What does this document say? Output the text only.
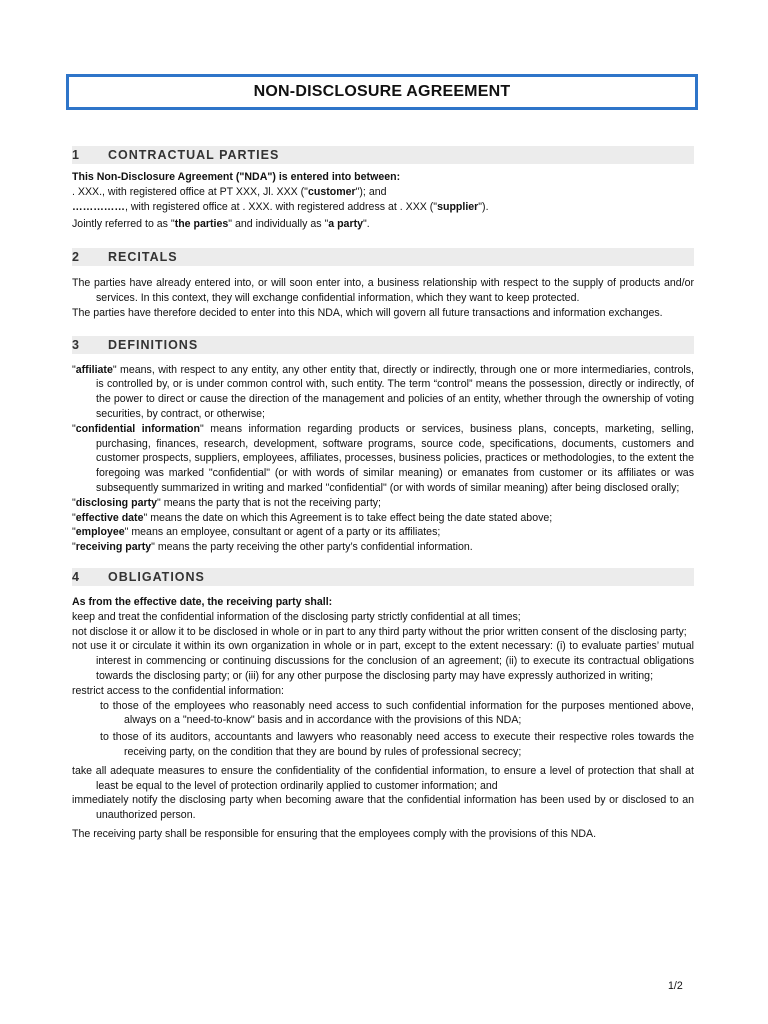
NON-DISCLOSURE AGREEMENT
1	CONTRACTUAL PARTIES

This Non-Disclosure Agreement ("NDA") is entered into between:

. XXX., with registered office at PT XXX, Jl. XXX ("customer"); and

……………, with registered office at . XXX. with registered address at . XXX ("supplier").

Jointly referred to as "the parties" and individually as "a party".

2	RECITALS

The parties have already entered into, or will soon enter into, a business relationship with respect to the supply of products and/or services. In this context, they will exchange confidential information, which they want to keep protected.

The parties have therefore decided to enter into this NDA, which will govern all future transactions and information exchanges.

3	DEFINITIONS

"affiliate" means, with respect to any entity, any other entity that, directly or indirectly, through one or more intermediaries, controls, is controlled by, or is under common control with, such entity. The term “control” means the possession, directly or indirectly, of the power to direct or cause the direction of the management and policies of an entity, whether through the ownership of voting securities, by contract, or otherwise;

"confidential information" means information regarding products or services, business plans, concepts, marketing, selling, purchasing, finances, research, development, software programs, source code, specifications, documents, customers and customer prospects, suppliers, employees, affiliates, processes, business policies, practices or methodologies, to the extent the foregoing was marked "confidential" (or with words of similar meaning) or emanates from customer or its affiliates or was subsequently summarized in writing and marked "confidential" (or with words of similar meaning) after being disclosed orally;

"disclosing party" means the party that is not the receiving party;

"effective date" means the date on which this Agreement is to take effect being the date stated above;

"employee" means an employee, consultant or agent of a party or its affiliates;

"receiving party" means the party receiving the other party’s confidential information.

4	OBLIGATIONS

As from the effective date, the receiving party shall:

keep and treat the confidential information of the disclosing party strictly confidential at all times;

not disclose it or allow it to be disclosed in whole or in part to any third party without the prior written consent of the disclosing party;

not use it or circulate it within its own organization in whole or in part, except to the extent necessary: (i) to evaluate parties’ mutual interest in commencing or continuing discussions for the conclusion of an agreement; (ii) to execute its contractual obligations towards the disclosing party; or (iii) for any other purpose the disclosing party may have expressly authorized in writing;

restrict access to the confidential information:

to those of the employees who reasonably need access to such confidential information for the purposes mentioned above, always on a "need-to-know" basis and in accordance with the provisions of this NDA;

to those of its auditors, accountants and lawyers who reasonably need access to execute their respective roles towards the receiving party, on the condition that they are bound by rules of professional secrecy;

take all adequate measures to ensure the confidentiality of the confidential information, to ensure a level of protection that shall at least be equal to the level of protection ordinarily applied to customer information; and

immediately notify the disclosing party when becoming aware that the confidential information has been used by or disclosed to an unauthorized person.

The receiving party shall be responsible for ensuring that the employees comply with the provisions of this NDA.

1/2
